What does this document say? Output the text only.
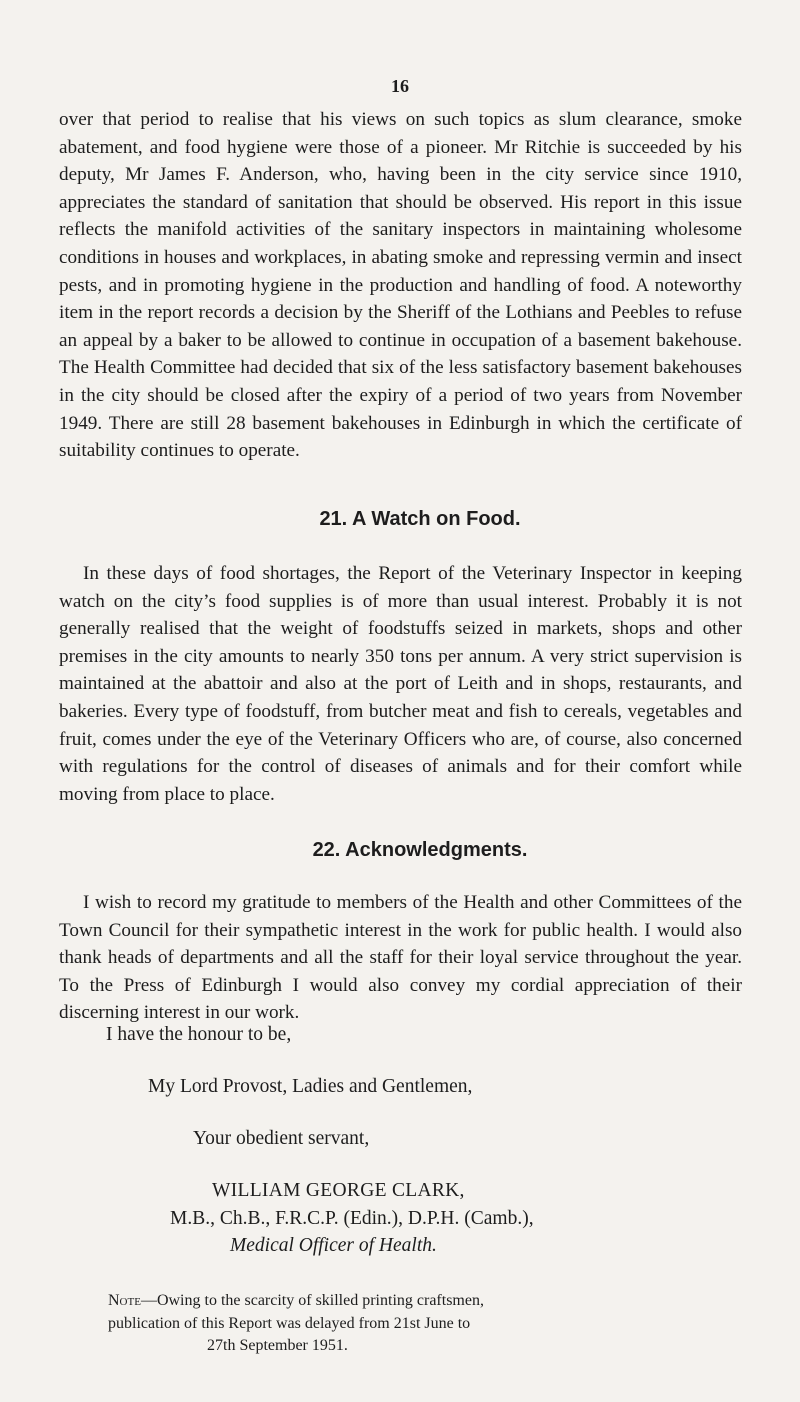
16

over that period to realise that his views on such topics as slum clearance, smoke abatement, and food hygiene were those of a pioneer. Mr Ritchie is succeeded by his deputy, Mr James F. Anderson, who, having been in the city service since 1910, appreciates the standard of sanitation that should be observed. His report in this issue reflects the manifold activities of the sanitary inspectors in maintaining wholesome conditions in houses and workplaces, in abating smoke and repressing vermin and insect pests, and in promoting hygiene in the production and handling of food. A noteworthy item in the report records a decision by the Sheriff of the Lothians and Peebles to refuse an appeal by a baker to be allowed to continue in occupation of a basement bakehouse. The Health Committee had decided that six of the less satisfactory basement bakehouses in the city should be closed after the expiry of a period of two years from November 1949. There are still 28 basement bakehouses in Edinburgh in which the certificate of suitability continues to operate.

21. A Watch on Food.

In these days of food shortages, the Report of the Veterinary Inspector in keeping watch on the city’s food supplies is of more than usual interest. Probably it is not generally realised that the weight of foodstuffs seized in markets, shops and other premises in the city amounts to nearly 350 tons per annum. A very strict supervision is maintained at the abattoir and also at the port of Leith and in shops, restaurants, and bakeries. Every type of foodstuff, from butcher meat and fish to cereals, vegetables and fruit, comes under the eye of the Veterinary Officers who are, of course, also concerned with regulations for the control of diseases of animals and for their comfort while moving from place to place.

22. Acknowledgments.

I wish to record my gratitude to members of the Health and other Committees of the Town Council for their sympathetic interest in the work for public health. I would also thank heads of departments and all the staff for their loyal service throughout the year. To the Press of Edinburgh I would also convey my cordial appreciation of their discerning interest in our work.

I have the honour to be,

My Lord Provost, Ladies and Gentlemen,

Your obedient servant,

WILLIAM GEORGE CLARK,

M.B., Ch.B., F.R.C.P. (Edin.), D.P.H. (Camb.),

Medical Officer of Health.

Note—Owing to the scarcity of skilled printing craftsmen,
publication of this Report was delayed from 21st June to
27th September 1951.
